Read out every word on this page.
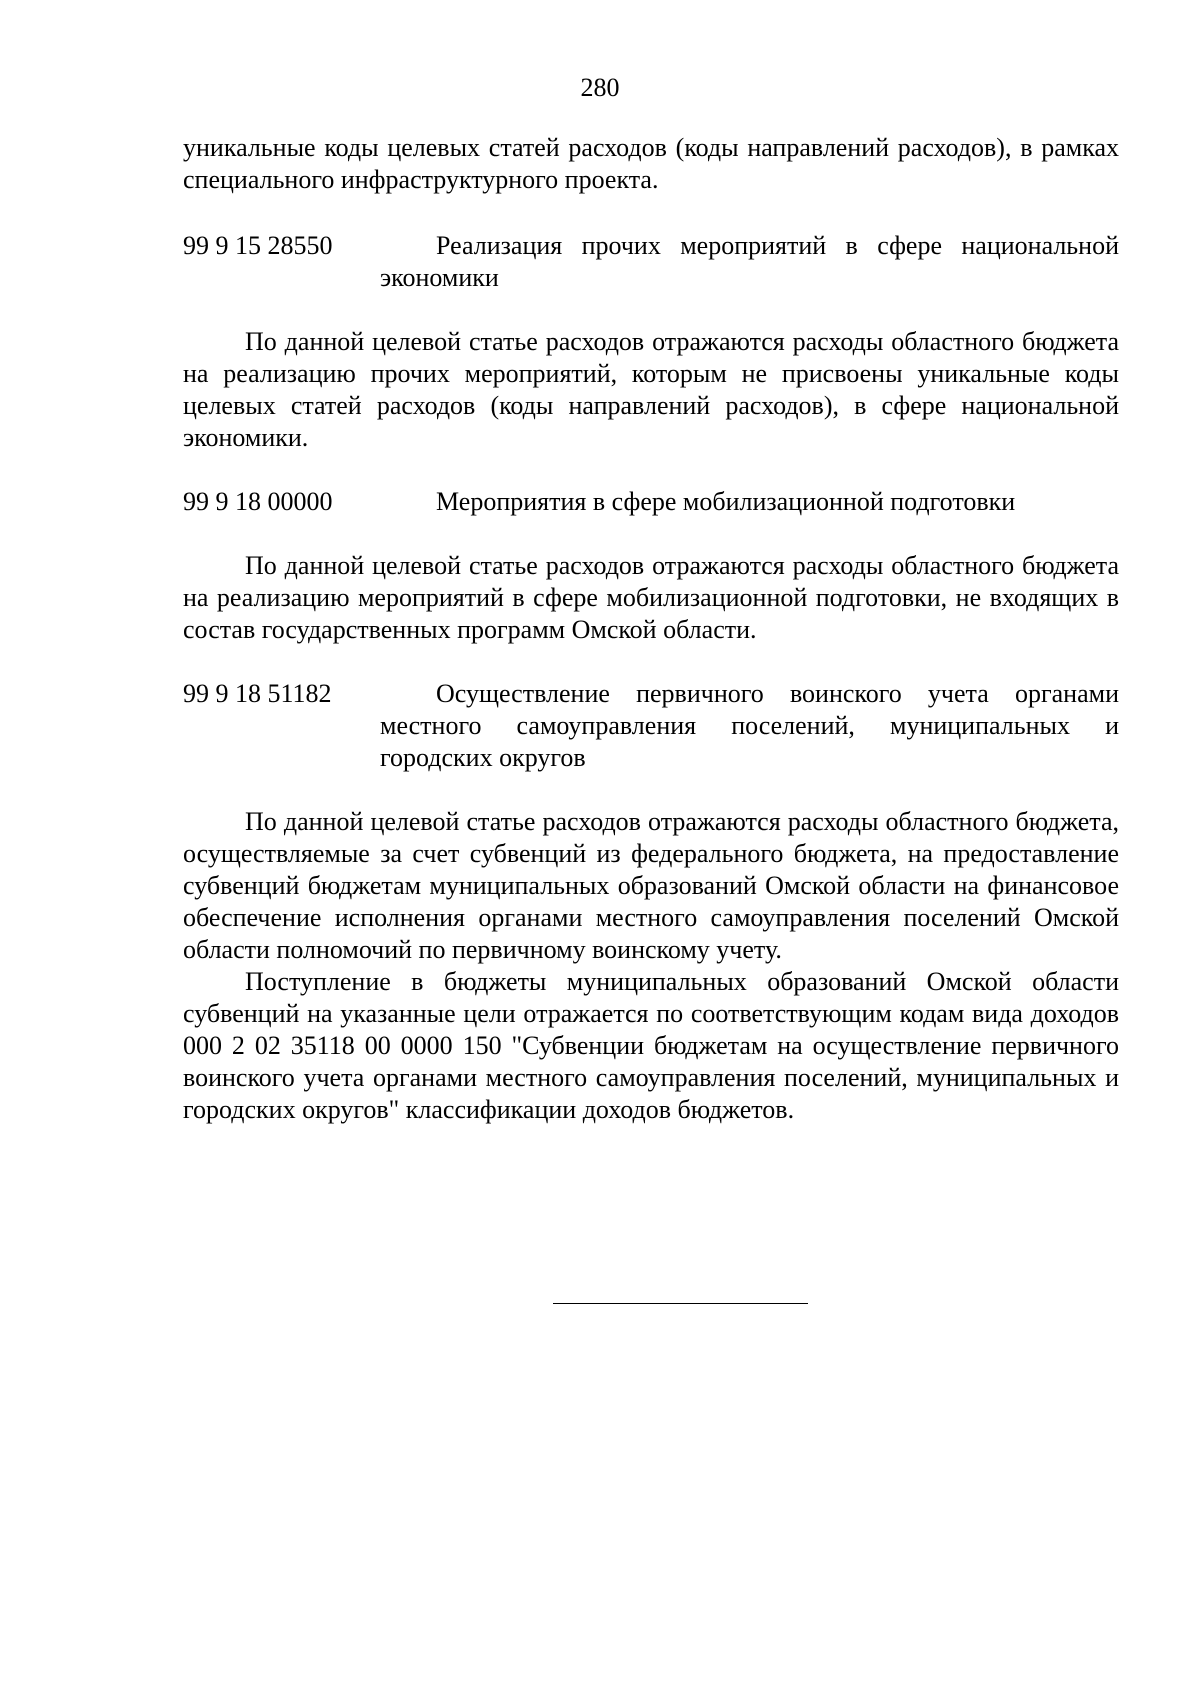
280

уникальные коды целевых статей расходов (коды направлений расходов), в рамках специального инфраструктурного проекта.

99 9 15 28550	Реализация прочих мероприятий в сфере национальной
экономики

По данной целевой статье расходов отражаются расходы областного бюджета на реализацию прочих мероприятий, которым не присвоены уникальные коды целевых статей расходов (коды направлений расходов), в сфере национальной экономики.

99 9 18 00000	Мероприятия в сфере мобилизационной подготовки

По данной целевой статье расходов отражаются расходы областного бюджета на реализацию мероприятий в сфере мобилизационной подготовки, не входящих в состав государственных программ Омской области.

99 9 18 51182	Осуществление первичного воинского учета органами
местного самоуправления поселений, муниципальных и городских округов

По данной целевой статье расходов отражаются расходы областного бюджета, осуществляемые за счет субвенций из федерального бюджета, на предоставление субвенций бюджетам муниципальных образований Омской области на финансовое обеспечение исполнения органами местного самоуправления поселений Омской области полномочий по первичному воинскому учету.

Поступление в бюджеты муниципальных образований Омской области субвенций на указанные цели отражается по соответствующим кодам вида доходов 000 2 02 35118 00 0000 150 "Субвенции бюджетам на осуществление первичного воинского учета органами местного самоуправления поселений, муниципальных и городских округов" классификации доходов бюджетов.
